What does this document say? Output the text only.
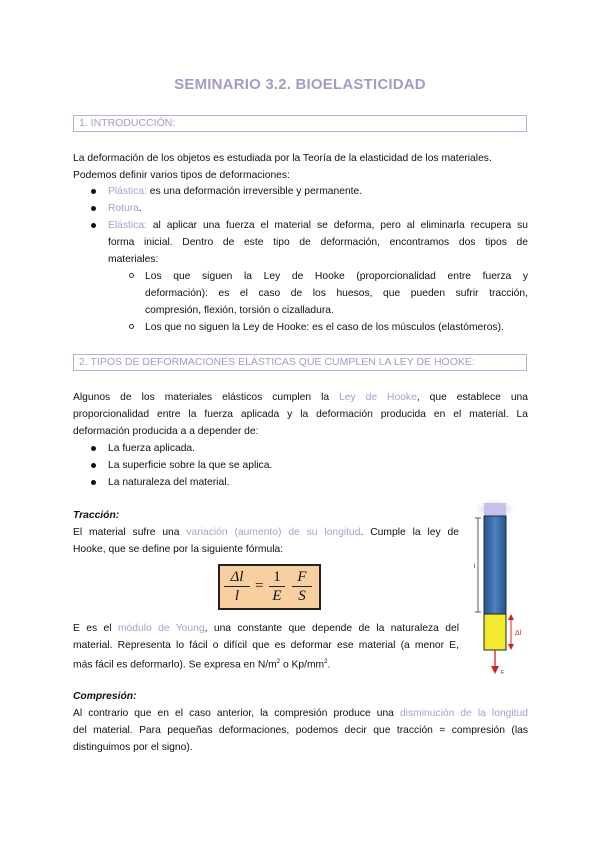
SEMINARIO 3.2. BIOELASTICIDAD
1. INTRODUCCIÓN:
La deformación de los objetos es estudiada por la Teoría de la elasticidad de los materiales.
Podemos definir varios tipos de deformaciones:
Plástica: es una deformación irreversible y permanente.
Rotura.
Elástica: al aplicar una fuerza el material se deforma, pero al eliminarla recupera su
forma inicial. Dentro de este tipo de deformación, encontramos dos tipos de
materiales:
Los que siguen la Ley de Hooke (proporcionalidad entre fuerza y
deformación): es el caso de los huesos, que pueden sufrir tracción,
compresión, flexión, torsión o cizalladura.
Los que no siguen la Ley de Hooke: es el caso de los músculos (elastómeros).
2. TIPOS DE DEFORMACIONES ELÁSTICAS QUE CUMPLEN LA LEY DE HOOKE:
Algunos de los materiales elásticos cumplen la Ley de Hooke, que establece una
proporcionalidad entre la fuerza aplicada y la deformación producida en el material. La
deformación producida a a depender de:
La fuerza aplicada.
La superficie sobre la que se aplica.
La naturaleza del material.
Tracción:
El material sufre una variación (aumento) de su longitud. Cumple la ley de
Hooke, que se define por la siguiente fórmula:
$\frac{\Delta l}{l} = \frac{1}{E} \frac{F}{S}$
E es el módulo de Young, una constante que depende de la naturaleza del
material. Representa lo fácil o difícil que es deformar ese material (a menor E,
más fácil es deformarlo). Se expresa en $N/m^2$ o $Kp/mm^2$.
l
Δl
F
Compresión:
Al contrario que en el caso anterior, la compresión produce una disminución de la longitud
del material. Para pequeñas deformaciones, podemos decir que tracción = compresión (las
distinguimos por el signo).
